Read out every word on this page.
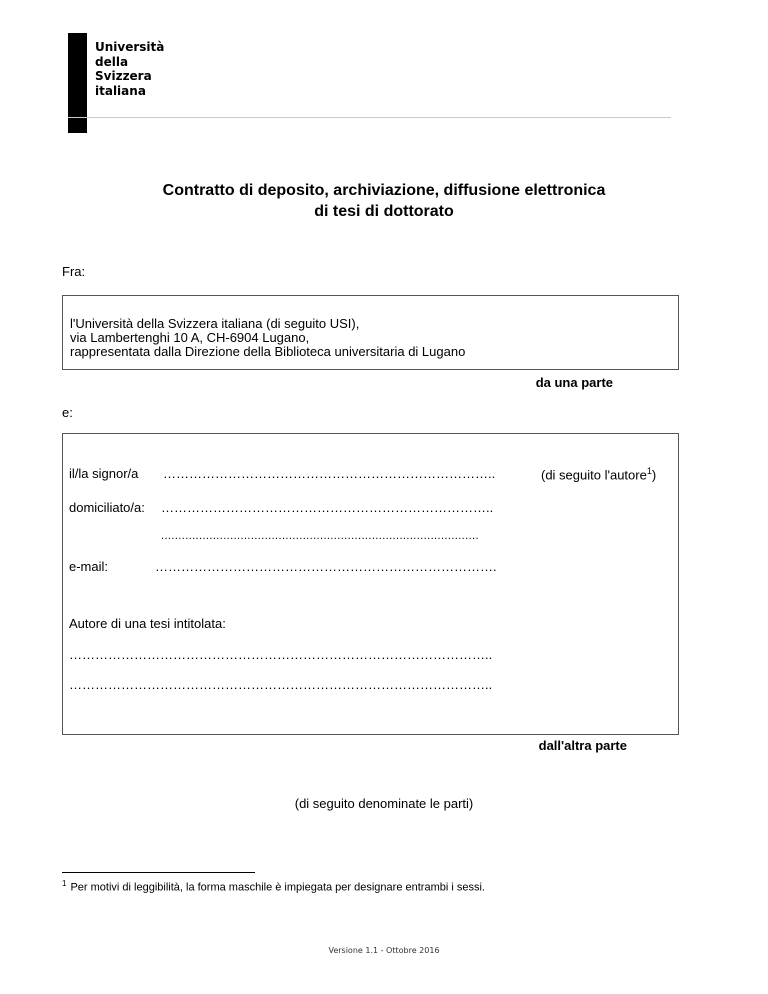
Università
della
Svizzera
italiana
Contratto di deposito, archiviazione, diffusione elettronica
di tesi di dottorato
Fra:
l'Università della Svizzera italiana (di seguito USI),
via Lambertenghi 10 A, CH-6904 Lugano,
rappresentata dalla Direzione della Biblioteca universitaria di Lugano
da una parte
e:
il/la signor/a …………………………………………………………………..	(di seguito l'autore$^1$)
domiciliato/a: …………………………………………………………………..
............................................................................................
e-mail:	…………………………………………………………………….
Autore di una tesi intitolata:
……………………………………………………………………………………..
……………………………………………………………………………………..
dall'altra parte
(di seguito denominate le parti)
$^1$ Per motivi di leggibilità, la forma maschile è impiegata per designare entrambi i sessi.
Versione 1.1 - Ottobre 2016
